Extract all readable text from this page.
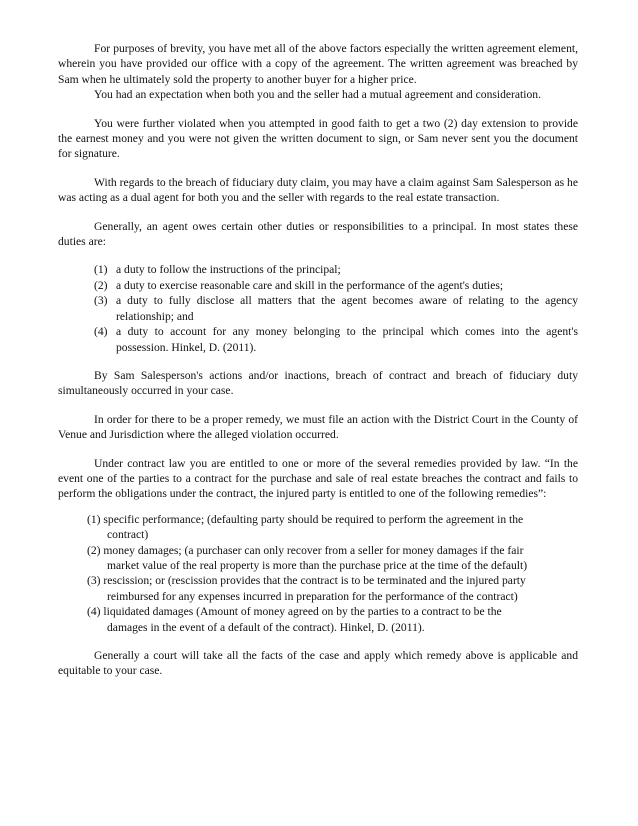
For purposes of brevity, you have met all of the above factors especially the written agreement element, wherein you have provided our office with a copy of the agreement. The written agreement was breached by Sam when he ultimately sold the property to another buyer for a higher price.

You had an expectation when both you and the seller had a mutual agreement and consideration.

You were further violated when you attempted in good faith to get a two (2) day extension to provide the earnest money and you were not given the written document to sign, or Sam never sent you the document for signature.

With regards to the breach of fiduciary duty claim, you may have a claim against Sam Salesperson as he was acting as a dual agent for both you and the seller with regards to the real estate transaction.

Generally, an agent owes certain other duties or responsibilities to a principal. In most states these duties are:

(1) a duty to follow the instructions of the principal;
(2) a duty to exercise reasonable care and skill in the performance of the agent's duties;
(3) a duty to fully disclose all matters that the agent becomes aware of relating to the agency relationship; and
(4) a duty to account for any money belonging to the principal which comes into the agent's possession. Hinkel, D. (2011).

By Sam Salesperson's actions and/or inactions, breach of contract and breach of fiduciary duty simultaneously occurred in your case.

In order for there to be a proper remedy, we must file an action with the District Court in the County of Venue and Jurisdiction where the alleged violation occurred.

Under contract law you are entitled to one or more of the several remedies provided by law. “In the event one of the parties to a contract for the purchase and sale of real estate breaches the contract and fails to perform the obligations under the contract, the injured party is entitled to one of the following remedies”:

(1) specific performance; (defaulting party should be required to perform the agreement in the

contract)

(2) money damages; (a purchaser can only recover from a seller for money damages if the fair

market value of the real property is more than the purchase price at the time of the default)

(3) rescission; or (rescission provides that the contract is to be terminated and the injured party

reimbursed for any expenses incurred in preparation for the performance of the contract)

(4) liquidated damages (Amount of money agreed on by the parties to a contract to be the

damages in the event of a default of the contract). Hinkel, D. (2011).

Generally a court will take all the facts of the case and apply which remedy above is applicable and equitable to your case.
